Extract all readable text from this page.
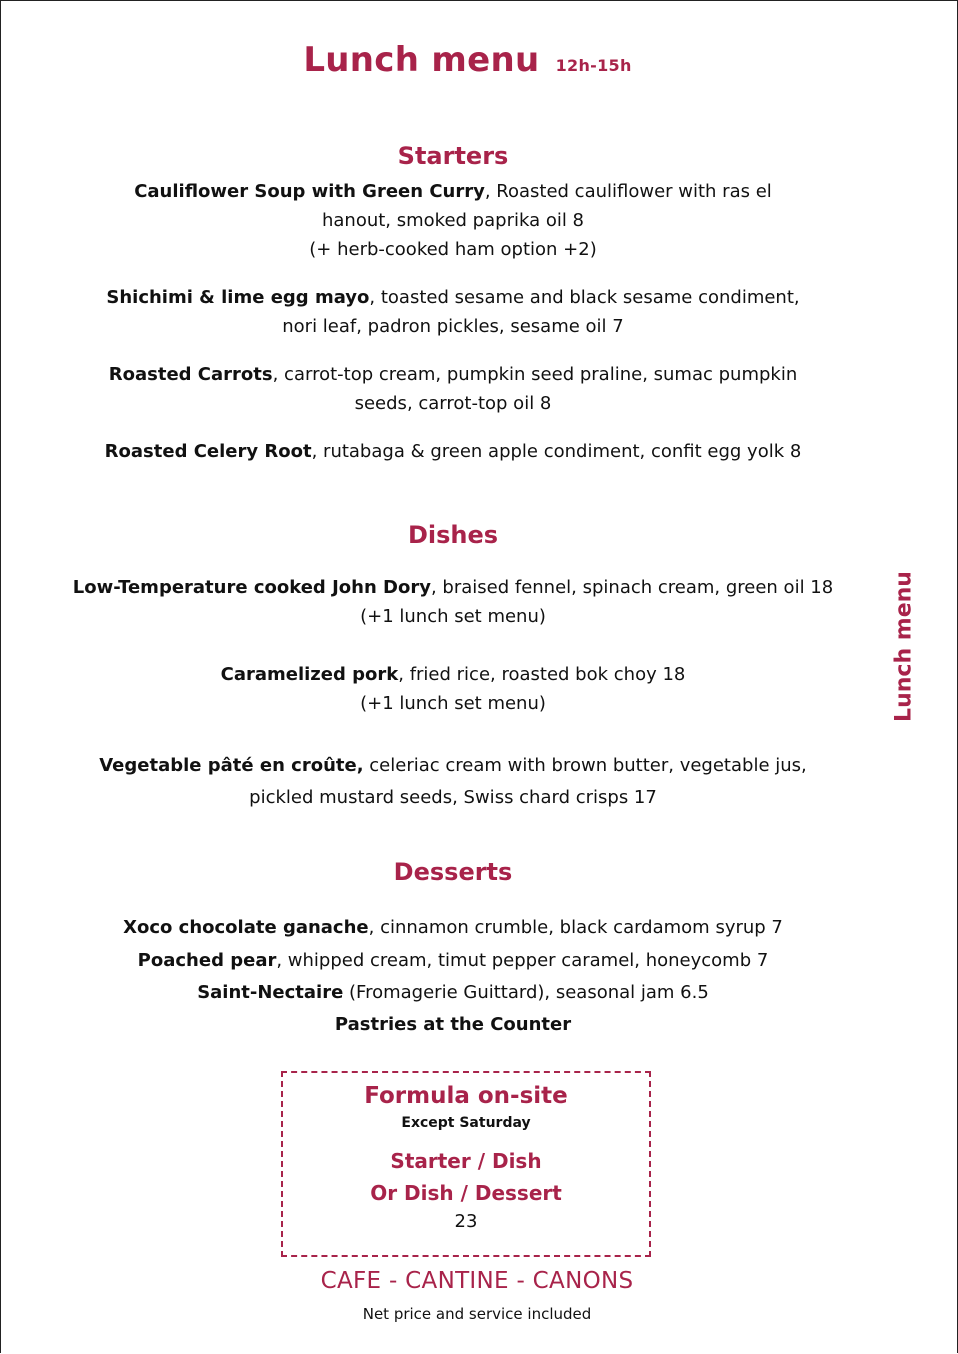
Lunch menu 12h-15h
Lunch menu
Starters
Cauliflower Soup with Green Curry, Roasted cauliflower with ras el
hanout, smoked paprika oil 8
(+ herb-cooked ham option +2)
Shichimi & lime egg mayo, toasted sesame and black sesame condiment,
nori leaf, padron pickles, sesame oil 7
Roasted Carrots, carrot-top cream, pumpkin seed praline, sumac pumpkin
seeds, carrot-top oil 8
Roasted Celery Root, rutabaga & green apple condiment, confit egg yolk 8
Dishes
Low-Temperature cooked John Dory, braised fennel, spinach cream, green oil 18
(+1 lunch set menu)
Caramelized pork, fried rice, roasted bok choy 18
(+1 lunch set menu)
Vegetable pâté en croûte, celeriac cream with brown butter, vegetable jus,
pickled mustard seeds, Swiss chard crisps 17
Desserts
Xoco chocolate ganache, cinnamon crumble, black cardamom syrup 7
Poached pear, whipped cream, timut pepper caramel, honeycomb 7
Saint-Nectaire (Fromagerie Guittard), seasonal jam 6.5
Pastries at the Counter
Formula on-site
Except Saturday
Starter / Dish
Or Dish / Dessert
23
CAFE - CANTINE - CANONS
Net price and service included
